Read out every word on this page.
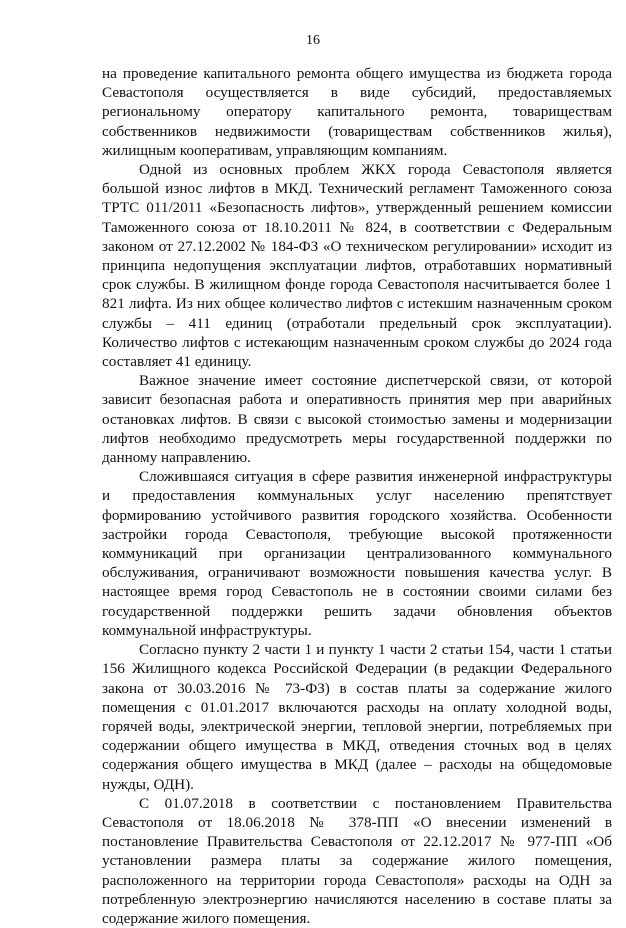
16

на проведение капитального ремонта общего имущества из бюджета города Севастополя осуществляется в виде субсидий, предоставляемых региональному оператору капитального ремонта, товариществам собственников недвижимости (товариществам собственников жилья), жилищным кооперативам, управляющим компаниям.

Одной из основных проблем ЖКХ города Севастополя является большой износ лифтов в МКД. Технический регламент Таможенного союза ТРТС 011/2011 «Безопасность лифтов», утвержденный решением комиссии Таможенного союза от 18.10.2011 № 824, в соответствии с Федеральным законом от 27.12.2002 № 184-ФЗ «О техническом регулировании» исходит из принципа недопущения эксплуатации лифтов, отработавших нормативный срок службы. В жилищном фонде города Севастополя насчитывается более 1 821 лифта. Из них общее количество лифтов с истекшим назначенным сроком службы – 411 единиц (отработали предельный срок эксплуатации). Количество лифтов с истекающим назначенным сроком службы до 2024 года составляет 41 единицу.

Важное значение имеет состояние диспетчерской связи, от которой зависит безопасная работа и оперативность принятия мер при аварийных остановках лифтов. В связи с высокой стоимостью замены и модернизации лифтов необходимо предусмотреть меры государственной поддержки по данному направлению.

Сложившаяся ситуация в сфере развития инженерной инфраструктуры и предоставления коммунальных услуг населению препятствует формированию устойчивого развития городского хозяйства. Особенности застройки города Севастополя, требующие высокой протяженности коммуникаций при организации централизованного коммунального обслуживания, ограничивают возможности повышения качества услуг. В настоящее время город Севастополь не в состоянии своими силами без государственной поддержки решить задачи обновления объектов коммунальной инфраструктуры.

Согласно пункту 2 части 1 и пункту 1 части 2 статьи 154, части 1 статьи 156 Жилищного кодекса Российской Федерации (в редакции Федерального закона от 30.03.2016 № 73-ФЗ) в состав платы за содержание жилого помещения с 01.01.2017 включаются расходы на оплату холодной воды, горячей воды, электрической энергии, тепловой энергии, потребляемых при содержании общего имущества в МКД, отведения сточных вод в целях содержания общего имущества в МКД (далее – расходы на общедомовые нужды, ОДН).

С 01.07.2018 в соответствии с постановлением Правительства Севастополя от 18.06.2018 № 378-ПП «О внесении изменений в постановление Правительства Севастополя от 22.12.2017 № 977-ПП «Об установлении размера платы за содержание жилого помещения, расположенного на территории города Севастополя» расходы на ОДН за потребленную электроэнергию начисляются населению в составе платы за содержание жилого помещения.
